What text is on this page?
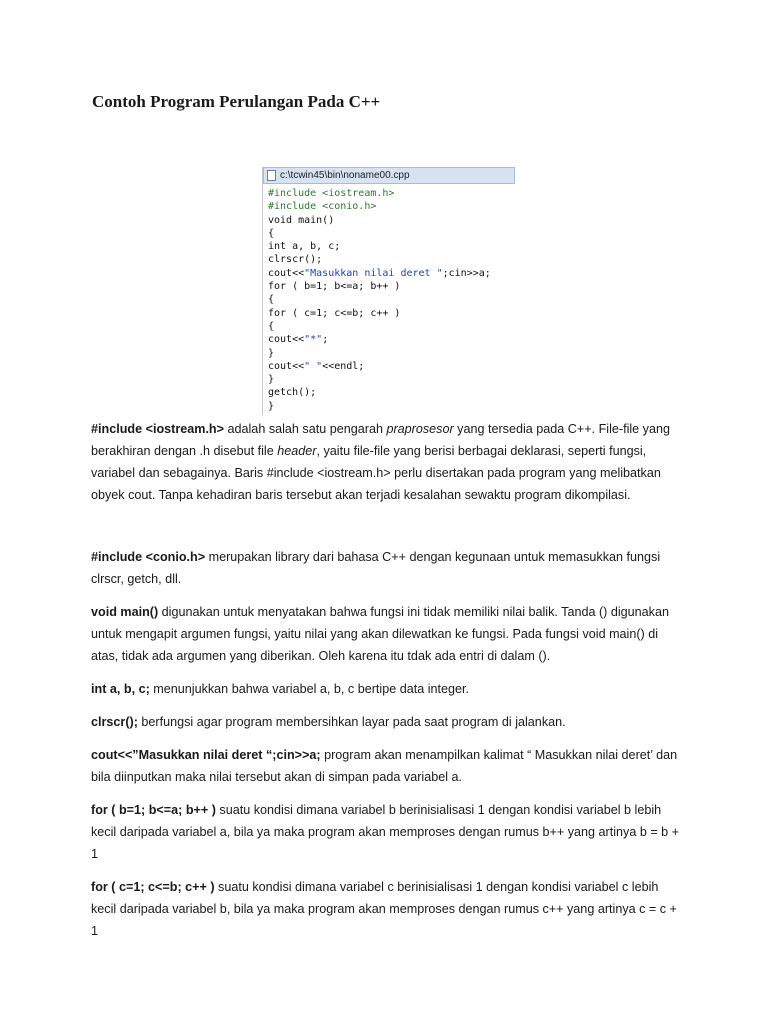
Contoh Program Perulangan Pada C++
c:\tcwin45\bin\noname00.cpp
#include <iostream.h>
#include <conio.h>
void main()
{
int a, b, c;
clrscr();
cout<<"Masukkan nilai deret ";cin>>a;
for ( b=1; b<=a; b++ )
{
for ( c=1; c<=b; c++ )
{
cout<<"*";
}
cout<<" "<<endl;
}
getch();
}

#include <iostream.h> adalah salah satu pengarah praprosesor yang tersedia pada C++. File-file yang berakhiran dengan .h disebut file header, yaitu file-file yang berisi berbagai deklarasi, seperti fungsi, variabel dan sebagainya. Baris #include <iostream.h> perlu disertakan pada program yang melibatkan obyek cout. Tanpa kehadiran baris tersebut akan terjadi kesalahan sewaktu program dikompilasi.

#include <conio.h> merupakan library dari bahasa C++ dengan kegunaan untuk memasukkan fungsi clrscr, getch, dll.

void main() digunakan untuk menyatakan bahwa fungsi ini tidak memiliki nilai balik. Tanda () digunakan untuk mengapit argumen fungsi, yaitu nilai yang akan dilewatkan ke fungsi. Pada fungsi void main() di atas, tidak ada argumen yang diberikan. Oleh karena itu tdak ada entri di dalam ().

int a, b, c; menunjukkan bahwa variabel a, b, c bertipe data integer.

clrscr(); berfungsi agar program membersihkan layar pada saat program di jalankan.

cout<<”Masukkan nilai deret “;cin>>a; program akan menampilkan kalimat “ Masukkan nilai deret’ dan bila diinputkan maka nilai tersebut akan di simpan pada variabel a.

for ( b=1; b<=a; b++ ) suatu kondisi dimana variabel b berinisialisasi 1 dengan kondisi variabel b lebih kecil daripada variabel a, bila ya maka program akan memproses dengan rumus b++ yang artinya b = b + 1

for ( c=1; c<=b; c++ ) suatu kondisi dimana variabel c berinisialisasi 1 dengan kondisi variabel c lebih kecil daripada variabel b, bila ya maka program akan memproses dengan rumus c++ yang artinya c = c + 1
